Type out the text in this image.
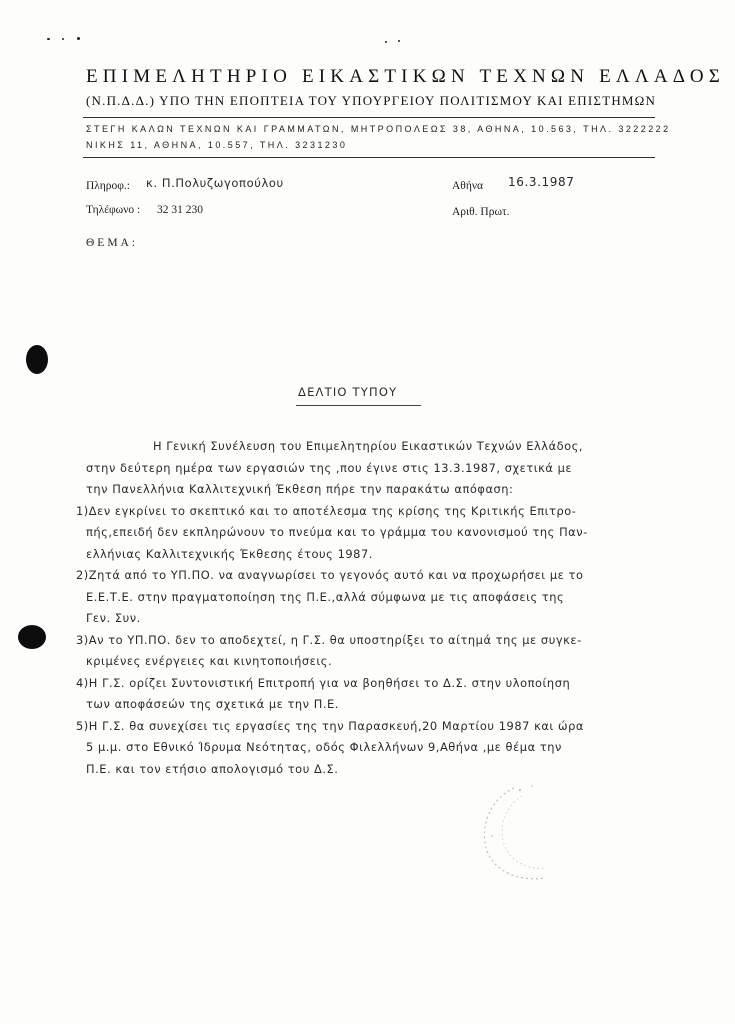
ΕΠΙΜΕΛΗΤΗΡΙΟ ΕΙΚΑΣΤΙΚΩΝ ΤΕΧΝΩΝ ΕΛΛΑΔΟΣ
(Ν.Π.Δ.Δ.) ΥΠΟ ΤΗΝ ΕΠΟΠΤΕΙΑ ΤΟΥ ΥΠΟΥΡΓΕΙΟΥ ΠΟΛΙΤΙΣΜΟΥ ΚΑΙ ΕΠΙΣΤΗΜΩΝ
ΣΤΕΓΗ ΚΑΛΩΝ ΤΕΧΝΩΝ ΚΑΙ ΓΡΑΜΜΑΤΩΝ, ΜΗΤΡΟΠΟΛΕΩΣ 38, ΑΘΗΝΑ, 10.563, ΤΗΛ. 3222222
ΝΙΚΗΣ 11, ΑΘΗΝΑ, 10.557, ΤΗΛ. 3231230
Πληροφ.: κ. Π.Πολυζωγοπούλου	Αθήνα 16.3.1987
Τηλέφωνο : 32 31 230	Αριθ. Πρωτ.
ΘΕΜΑ:
ΔΕΛΤΙΟ ΤΥΠΟΥ
Η Γενική Συνέλευση του Επιμελητηρίου Εικαστικών Τεχνών Ελλάδος,
στην δεύτερη ημέρα των εργασιών της ,που έγινε στις 13.3.1987, σχετικά με
την Πανελλήνια Καλλιτεχνική Έκθεση πήρε την παρακάτω απόφαση:
1)Δεν εγκρίνει το σκεπτικό και το αποτέλεσμα της κρίσης της Κριτικής Επιτρο-
πής,επειδή δεν εκπληρώνουν το πνεύμα και το γράμμα του κανονισμού της Παν-
ελλήνιας Καλλιτεχνικής Έκθεσης έτους 1987.
2)Ζητά από το ΥΠ.ΠΟ. να αναγνωρίσει το γεγονός αυτό και να προχωρήσει με το
Ε.Ε.Τ.Ε. στην πραγματοποίηση της Π.Ε.,αλλά σύμφωνα με τις αποφάσεις της
Γεν. Συν.
3)Αν το ΥΠ.ΠΟ. δεν το αποδεχτεί, η Γ.Σ. θα υποστηρίξει το αίτημά της με συγκε-
κριμένες ενέργειες και κινητοποιήσεις.
4)Η Γ.Σ. ορίζει Συντονιστική Επιτροπή για να βοηθήσει το Δ.Σ. στην υλοποίηση
των αποφάσεών της σχετικά με την Π.Ε.
5)Η Γ.Σ. θα συνεχίσει τις εργασίες της την Παρασκευή,20 Μαρτίου 1987 και ώρα
5 μ.μ. στο Εθνικό Ίδρυμα Νεότητας, οδός Φιλελλήνων 9,Αθήνα ,με θέμα την
Π.Ε. και τον ετήσιο απολογισμό του Δ.Σ.
